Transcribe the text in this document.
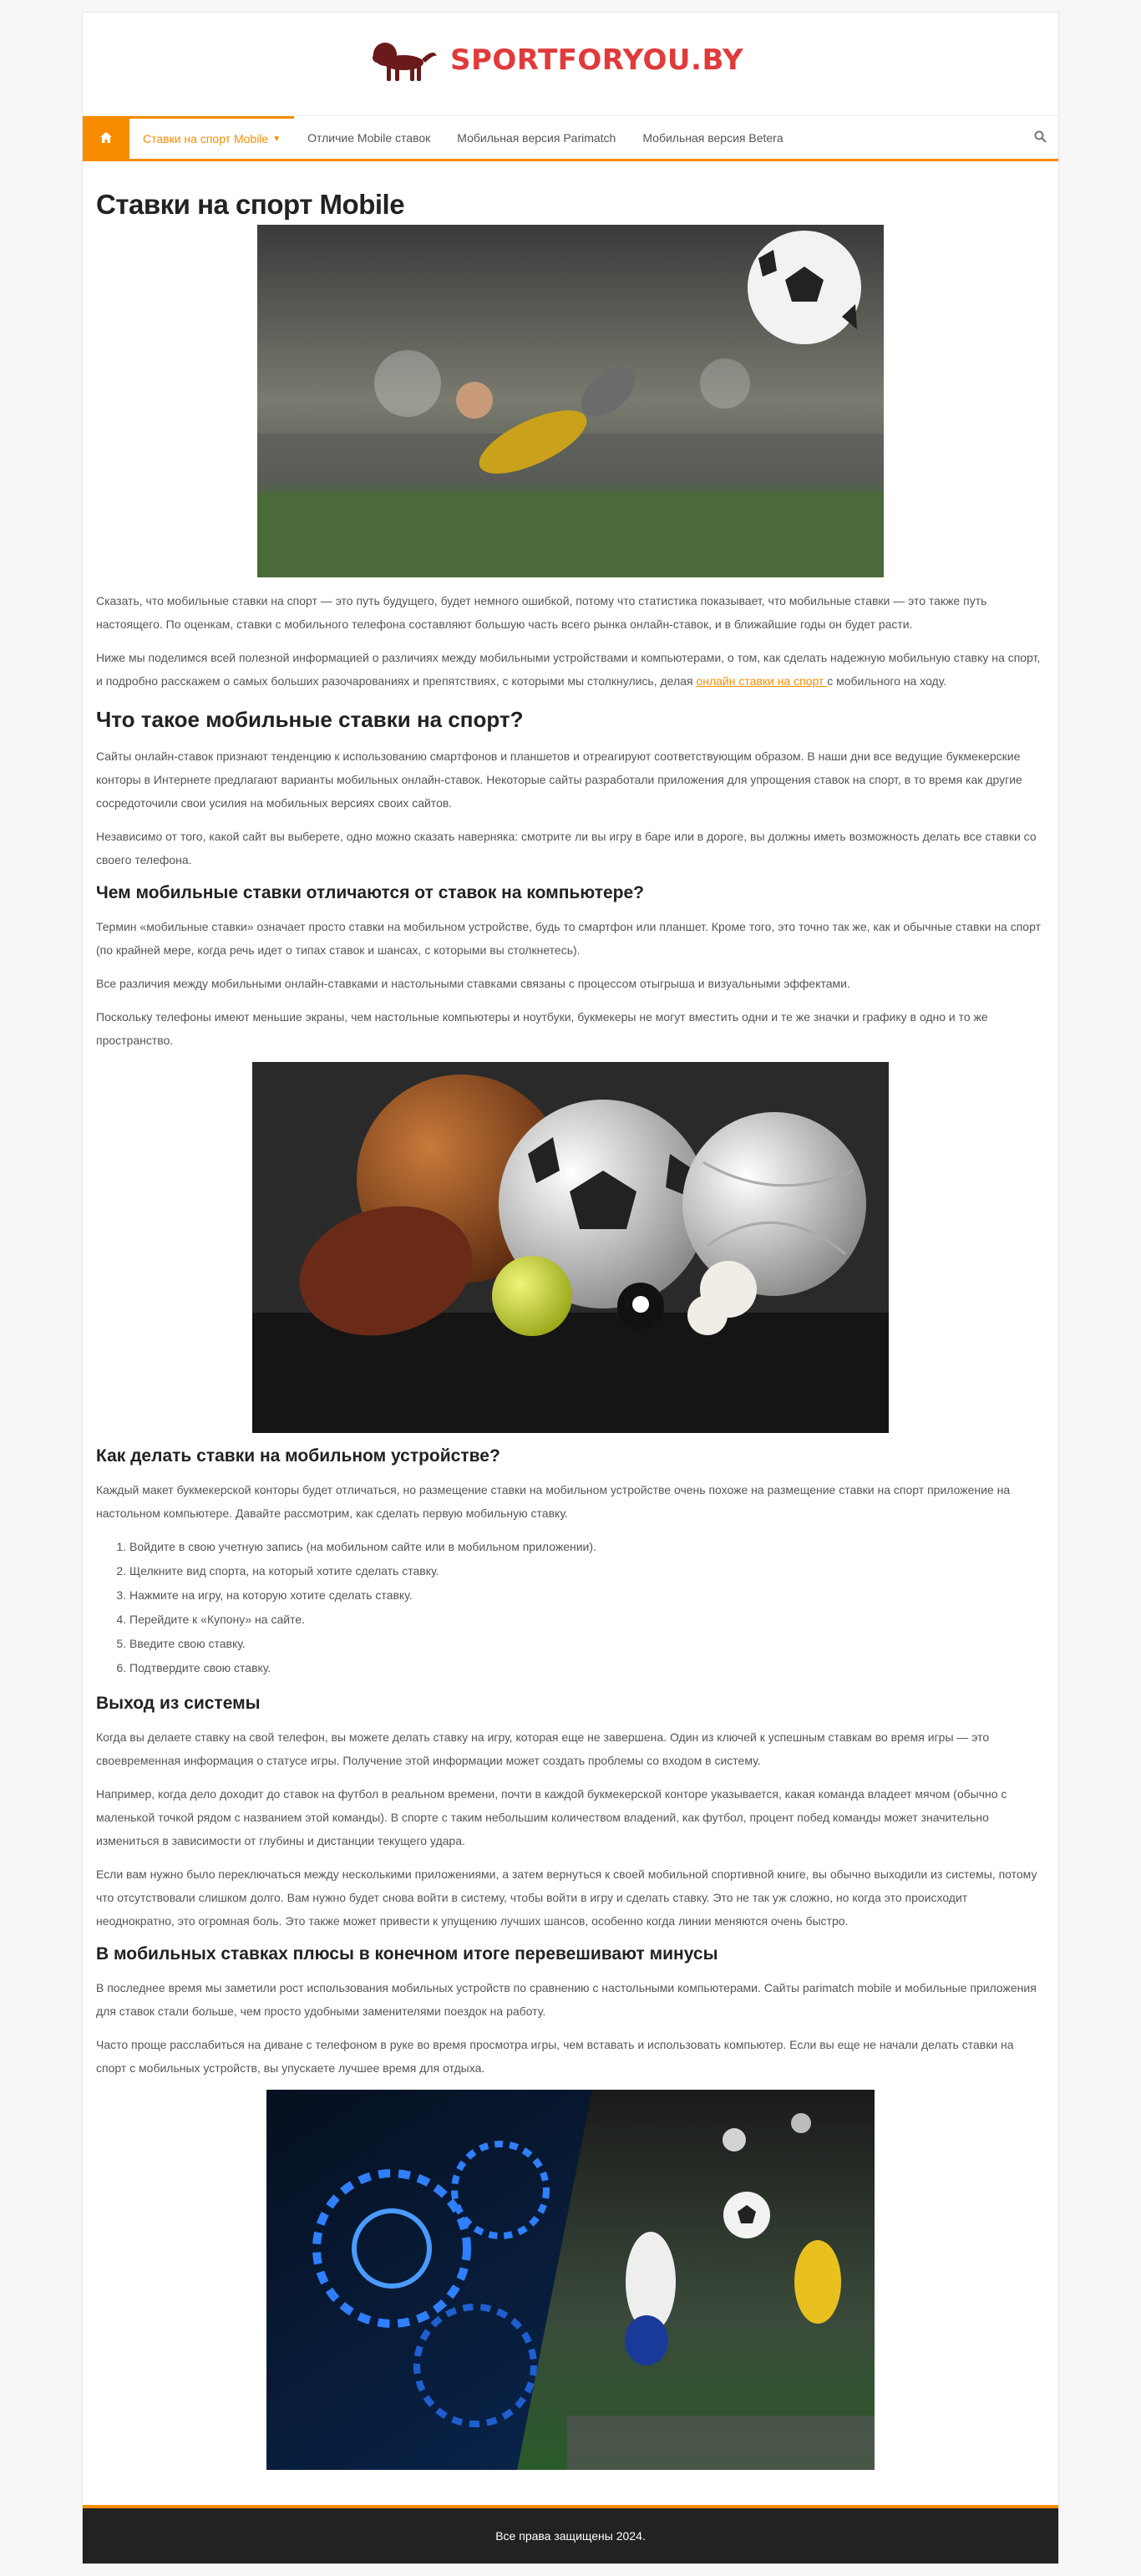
SPORTFORYOU.BY
Ставки на спорт Mobile ▼ Отличие Mobile ставок Мобильная версия Parimatch Мобильная версия Betera
Ставки на спорт Mobile

Сказать, что мобильные ставки на спорт — это путь будущего, будет немного ошибкой, потому что статистика показывает, что мобильные ставки — это также путь настоящего. По оценкам, ставки с мобильного телефона составляют большую часть всего рынка онлайн-ставок, и в ближайшие годы он будет расти.

Ниже мы поделимся всей полезной информацией о различиях между мобильными устройствами и компьютерами, о том, как сделать надежную мобильную ставку на спорт, и подробно расскажем о самых больших разочарованиях и препятствиях, с которыми мы столкнулись, делая онлайн ставки на спорт с мобильного на ходу.

Что такое мобильные ставки на спорт?

Сайты онлайн-ставок признают тенденцию к использованию смартфонов и планшетов и отреагируют соответствующим образом. В наши дни все ведущие букмекерские конторы в Интернете предлагают варианты мобильных онлайн-ставок. Некоторые сайты разработали приложения для упрощения ставок на спорт, в то время как другие сосредоточили свои усилия на мобильных версиях своих сайтов.

Независимо от того, какой сайт вы выберете, одно можно сказать наверняка: смотрите ли вы игру в баре или в дороге, вы должны иметь возможность делать все ставки со своего телефона.

Чем мобильные ставки отличаются от ставок на компьютере?

Термин «мобильные ставки» означает просто ставки на мобильном устройстве, будь то смартфон или планшет. Кроме того, это точно так же, как и обычные ставки на спорт (по крайней мере, когда речь идет о типах ставок и шансах, с которыми вы столкнетесь).

Все различия между мобильными онлайн-ставками и настольными ставками связаны с процессом отыгрыша и визуальными эффектами.

Поскольку телефоны имеют меньшие экраны, чем настольные компьютеры и ноутбуки, букмекеры не могут вместить одни и те же значки и графику в одно и то же пространство.

Как делать ставки на мобильном устройстве?

Каждый макет букмекерской конторы будет отличаться, но размещение ставки на мобильном устройстве очень похоже на размещение ставки на спорт приложение на настольном компьютере. Давайте рассмотрим, как сделать первую мобильную ставку.

1. Войдите в свою учетную запись (на мобильном сайте или в мобильном приложении).
2. Щелкните вид спорта, на который хотите сделать ставку.
3. Нажмите на игру, на которую хотите сделать ставку.
4. Перейдите к «Купону» на сайте.
5. Введите свою ставку.
6. Подтвердите свою ставку.
Выход из системы

Когда вы делаете ставку на свой телефон, вы можете делать ставку на игру, которая еще не завершена. Один из ключей к успешным ставкам во время игры — это своевременная информация о статусе игры. Получение этой информации может создать проблемы со входом в систему.

Например, когда дело доходит до ставок на футбол в реальном времени, почти в каждой букмекерской конторе указывается, какая команда владеет мячом (обычно с маленькой точкой рядом с названием этой команды). В спорте с таким небольшим количеством владений, как футбол, процент побед команды может значительно измениться в зависимости от глубины и дистанции текущего удара.

Если вам нужно было переключаться между несколькими приложениями, а затем вернуться к своей мобильной спортивной книге, вы обычно выходили из системы, потому что отсутствовали слишком долго. Вам нужно будет снова войти в систему, чтобы войти в игру и сделать ставку. Это не так уж сложно, но когда это происходит неоднократно, это огромная боль. Это также может привести к упущению лучших шансов, особенно когда линии меняются очень быстро.

В мобильных ставках плюсы в конечном итоге перевешивают минусы

В последнее время мы заметили рост использования мобильных устройств по сравнению с настольными компьютерами. Сайты parimatch mobile и мобильные приложения для ставок стали больше, чем просто удобными заменителями поездок на работу.

Часто проще расслабиться на диване с телефоном в руке во время просмотра игры, чем вставать и использовать компьютер. Если вы еще не начали делать ставки на спорт с мобильных устройств, вы упускаете лучшее время для отдыха.

Все права защищены 2024.
